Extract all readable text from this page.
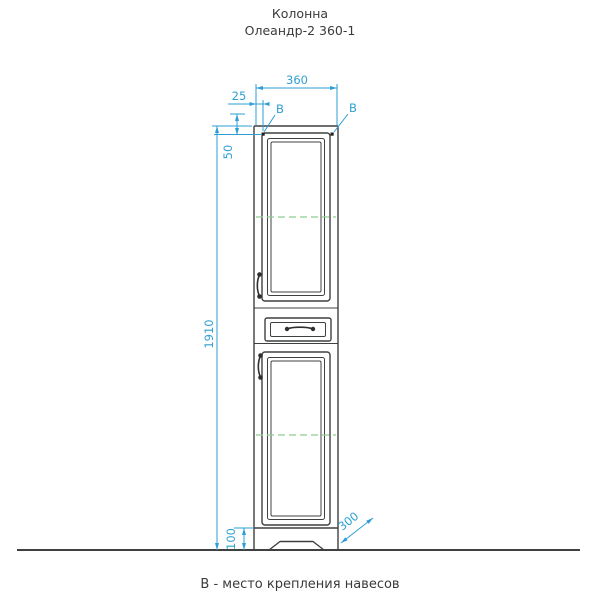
Колонна
Олеандр-2 360-1
360
25
50
1910
100
300
B	B
В - место крепления навесов
